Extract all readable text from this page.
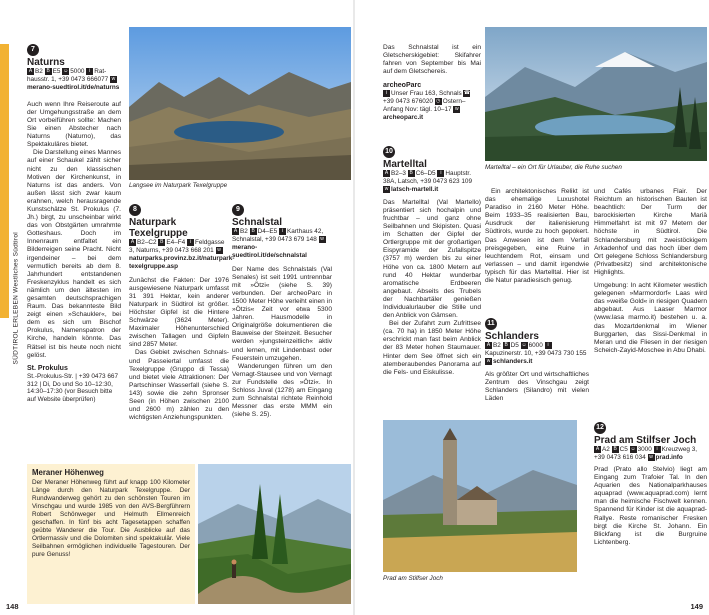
SÜDTIROL ERLEBEN Westliches Südtirol
7
Naturns
A B2 B E5 ☺ 5000 i Rat-hausstr. 1, +39 0473 666077 wmerano-suedtirol.it/de/naturns

Auch wenn Ihre Reiseroute auf der Umgehungsstraße an dem Ort vorbeiführen sollte: Machen Sie einen Abstecher nach Naturns (Naturno), das Spektakuläres bietet.

Die Darstellung eines Mannes auf einer Schaukel zählt sicher nicht zu den klassischen Motiven der Kirchenkunst, in Naturns ist das anders. Von außen lässt sich zwar kaum erahnen, welch herausragende Kunstschätze St. Prokulus (7. Jh.) birgt, zu unscheinbar wirkt das von Obstgärten umrahmte Gotteshaus. Doch im Innenraum entfaltet ein Bilderreigen seine Pracht. Nicht irgendeiner – bei dem vermutlich bereits ab dem 8. Jahrhundert entstandenen Freskenzyklus handelt es sich nämlich um den ältesten im gesamten deutschsprachigen Raum. Das bekannteste Bild zeigt einen »Schaukler«, bei dem es sich um Bischof Prokulus, Namenspatron der Kirche, handeln könnte. Das Rätsel ist bis heute noch nicht gelöst.

St. Prokulus
St.-Prokulus-Str. | +39 0473 667 312 | Di, Do und So 10–12:30, 14:30–17:30 (vor Besuch bitte auf Website überprüfen)
Langsee im Naturpark Texelgruppe
8
Naturpark Texelgruppe
A B2–C2 B E4–F4 i Feldgasse 3, Naturns, +39 0473 668 201 wnaturparks.provinz.bz.it/naturpark-texelgruppe.asp

Zunächst die Fakten: Der 1976 ausgewiesene Naturpark umfasst 31 391 Hektar, kein anderer Naturpark in Südtirol ist größer. Höchster Gipfel ist die Hintere Schwärze (3624 Meter). Maximaler Höhenunterschied zwischen Tallagen und Gipfeln sind 2857 Meter.

Das Gebiet zwischen Schnals- und Passeiertal umfasst die Texelgruppe (Gruppo di Tessa) und bietet viele Attraktionen: Der Partschinser Wasserfall (siehe S. 143) sowie die zehn Spronser Seen (in Höhen zwischen 2100 und 2600 m) zählen zu den wichtigsten Anziehungspunkten.

9
Schnalstal
A B2 B D4–E5 i Karthaus 42, Schnalstal, +39 0473 679 148 wmerano-suedtirol.it/de/schnalstal

Der Name des Schnalstals (Val Senales) ist seit 1991 untrennbar mit »Ötzi« (siehe S. 39) verbunden. Der archeoParc in 1500 Meter Höhe verleiht einen in »Ötzis« Zeit vor etwa 5300 Jahren. Hausmodelle in Originalgröße dokumentieren die Bauweise der Steinzeit. Besucher werden »jungsteinzeitlich« aktiv und lernen, mit Lindenbast oder Feuerstein umzugehen.

Wanderungen führen um den Vernagt-Stausee und von Vernagt zur Fundstelle des »Ötzi«. In Schloss Juval (1278) am Eingang zum Schnalstal richtete Reinhold Messner das erste MMM ein (siehe S. 25).

Meraner Höhenweg

Der Meraner Höhenweg führt auf knapp 100 Kilometer Länge durch den Naturpark Texelgruppe. Der Rundwanderweg gehört zu den schönsten Touren im Vinschgau und wurde 1985 von den AVS-Bergführern Robert Schönweger und Helmuth Ellmenreich geschaffen. In fünf bis acht Tagesetappen schaffen geübte Wanderer die Tour. Die Ausblicke auf das Ortlermassiv und die Dolomiten sind spektakulär. Viele Seilbahnen ermöglichen individuelle Tagestouren. Der pure Genuss!

148

Das Schnalstal ist ein Gletscherskigebiet: Skifahrer fahren von September bis Mai auf dem Gletschereis.

archeoParc
i Unser Frau 163, Schnals ☎+39 0473 676020 ◷ Ostern–Anfang Nov: tägl. 10–17 warcheoparc.it
10
Martelltal
A B2–3 B C6–D5 i Hauptstr. 38A, Latsch, +39 0473 623 109 w latsch-martell.it

Das Martelltal (Val Martello) präsentiert sich hochalpin und fruchtbar – und ganz ohne Seilbahnen und Skipisten. Quasi im Schatten der Gipfel der Ortlergruppe mit der großartigen Eispyramide der Zufallspitze (3757 m) werden bis zu einer Höhe von ca. 1800 Metern auf rund 40 Hektar wunderbar aromatische Erdbeeren angebaut. Abseits des Trubels der Nachbartäler genießen Individualurlauber die Stille und den Anblick von Gämsen.

Bei der Zufahrt zum Zufrittsee (ca. 70 ha) in 1850 Meter Höhe erschrickt man fast beim Anblick der 83 Meter hohen Staumauer. Hinter dem See öffnet sich ein atemberaubendes Panorama auf die Fels- und Eiskulisse.

Martelltal – ein Ort für Urlauber, die Ruhe suchen

Ein architektonisches Relikt ist das ehemalige Luxushotel Paradiso in 2160 Meter Höhe. Beim 1933–35 realisierten Bau, Ausdruck der italienisierung Südtirols, wurde zu hoch gepokert. Das Anwesen ist dem Verfall preisgegeben, eine Ruine in leuchtendem Rot, einsam und verlassen – und damit irgendwie typisch für das Martelltal. Hier ist die Natur paradiesisch genug.

11
Schlanders
A B2 B D5 ☺ 6000 iKapuzinerstr. 10, +39 0473 730 155 w schlanders.it

Als größter Ort und wirtschaftliches Zentrum des Vinschgau zeigt Schlanders (Silandro) mit vielen Läden

und Cafés urbanes Flair. Der Reichtum an historischen Bauten ist beachtlich: Der Turm der barockisierten Kirche Mariä Himmelfahrt ist mit 97 Metern der höchste in Südtirol. Die Schlandersburg mit zweistöckigem Arkadenhof und das hoch über dem Ort gelegene Schloss Schlandersburg (Privatbesitz) sind architektonische Highlights.

Umgebung: In acht Kilometer westlich gelegenen »Marmordorf« Laas wird das »weiße Gold« in riesigen Quadern abgebaut. Aus Laaser Marmor (www.lasa marmo.it) bestehen u. a. das Mozartdenkmal im Wiener Burggarten, das Sissi-Denkmal in Meran und die Fliesen in der riesigen Scheich-Zayid-Moschee in Abu Dhabi.

Prad am Stilfser Joch
12
Prad am Stilfser Joch
A A2 B C5 ☺ 3000 i Kreuzweg 3, +39 0473 616 034 w prad.info

Prad (Prato allo Stelvio) liegt am Eingang zum Trafoier Tal. In den Aquarien des Nationalparkhauses aquaprad (www.aquaprad.com) lernt man die heimische Fischwelt kennen. Spannend für Kinder ist die aquaprad-Rallye. Reste romanischer Fresken birgt die Kirche St. Johann. Ein Blickfang ist die Burgruine Lichtenberg.

149
